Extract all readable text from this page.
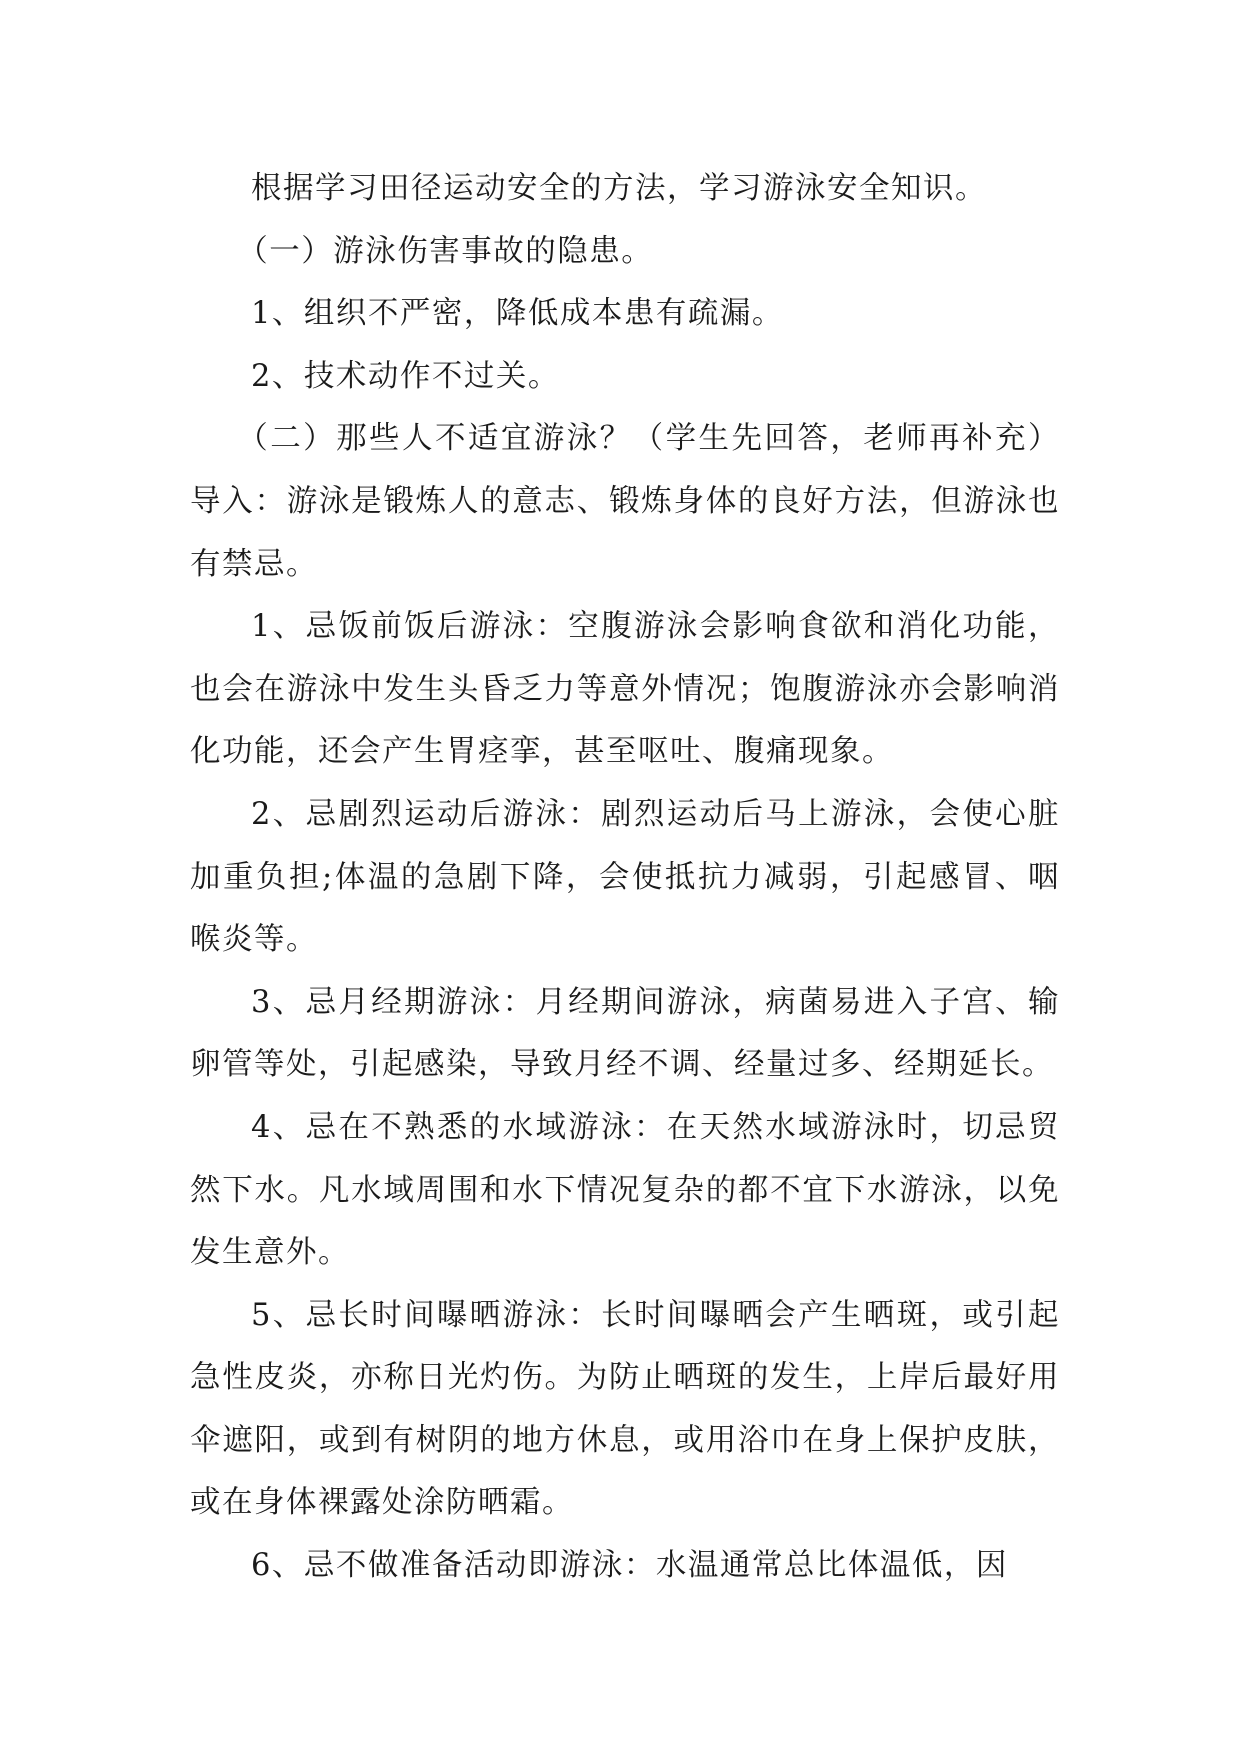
根据学习田径运动安全的方法，学习游泳安全知识。

（一）游泳伤害事故的隐患。

1、组织不严密，降低成本患有疏漏。

2、技术动作不过关。

（二）那些人不适宜游泳？（学生先回答，老师再补充）导入：游泳是锻炼人的意志、锻炼身体的良好方法，但游泳也有禁忌。

1、忌饭前饭后游泳：空腹游泳会影响食欲和消化功能，也会在游泳中发生头昏乏力等意外情况；饱腹游泳亦会影响消化功能，还会产生胃痉挛，甚至呕吐、腹痛现象。

2、忌剧烈运动后游泳：剧烈运动后马上游泳，会使心脏加重负担;体温的急剧下降，会使抵抗力减弱，引起感冒、咽喉炎等。

3、忌月经期游泳：月经期间游泳，病菌易进入子宫、输卵管等处，引起感染，导致月经不调、经量过多、经期延长。

4、忌在不熟悉的水域游泳：在天然水域游泳时，切忌贸然下水。凡水域周围和水下情况复杂的都不宜下水游泳，以免发生意外。

5、忌长时间曝晒游泳：长时间曝晒会产生晒斑，或引起急性皮炎，亦称日光灼伤。为防止晒斑的发生，上岸后最好用伞遮阳，或到有树阴的地方休息，或用浴巾在身上保护皮肤，或在身体裸露处涂防晒霜。

6、忌不做准备活动即游泳：水温通常总比体温低，因
